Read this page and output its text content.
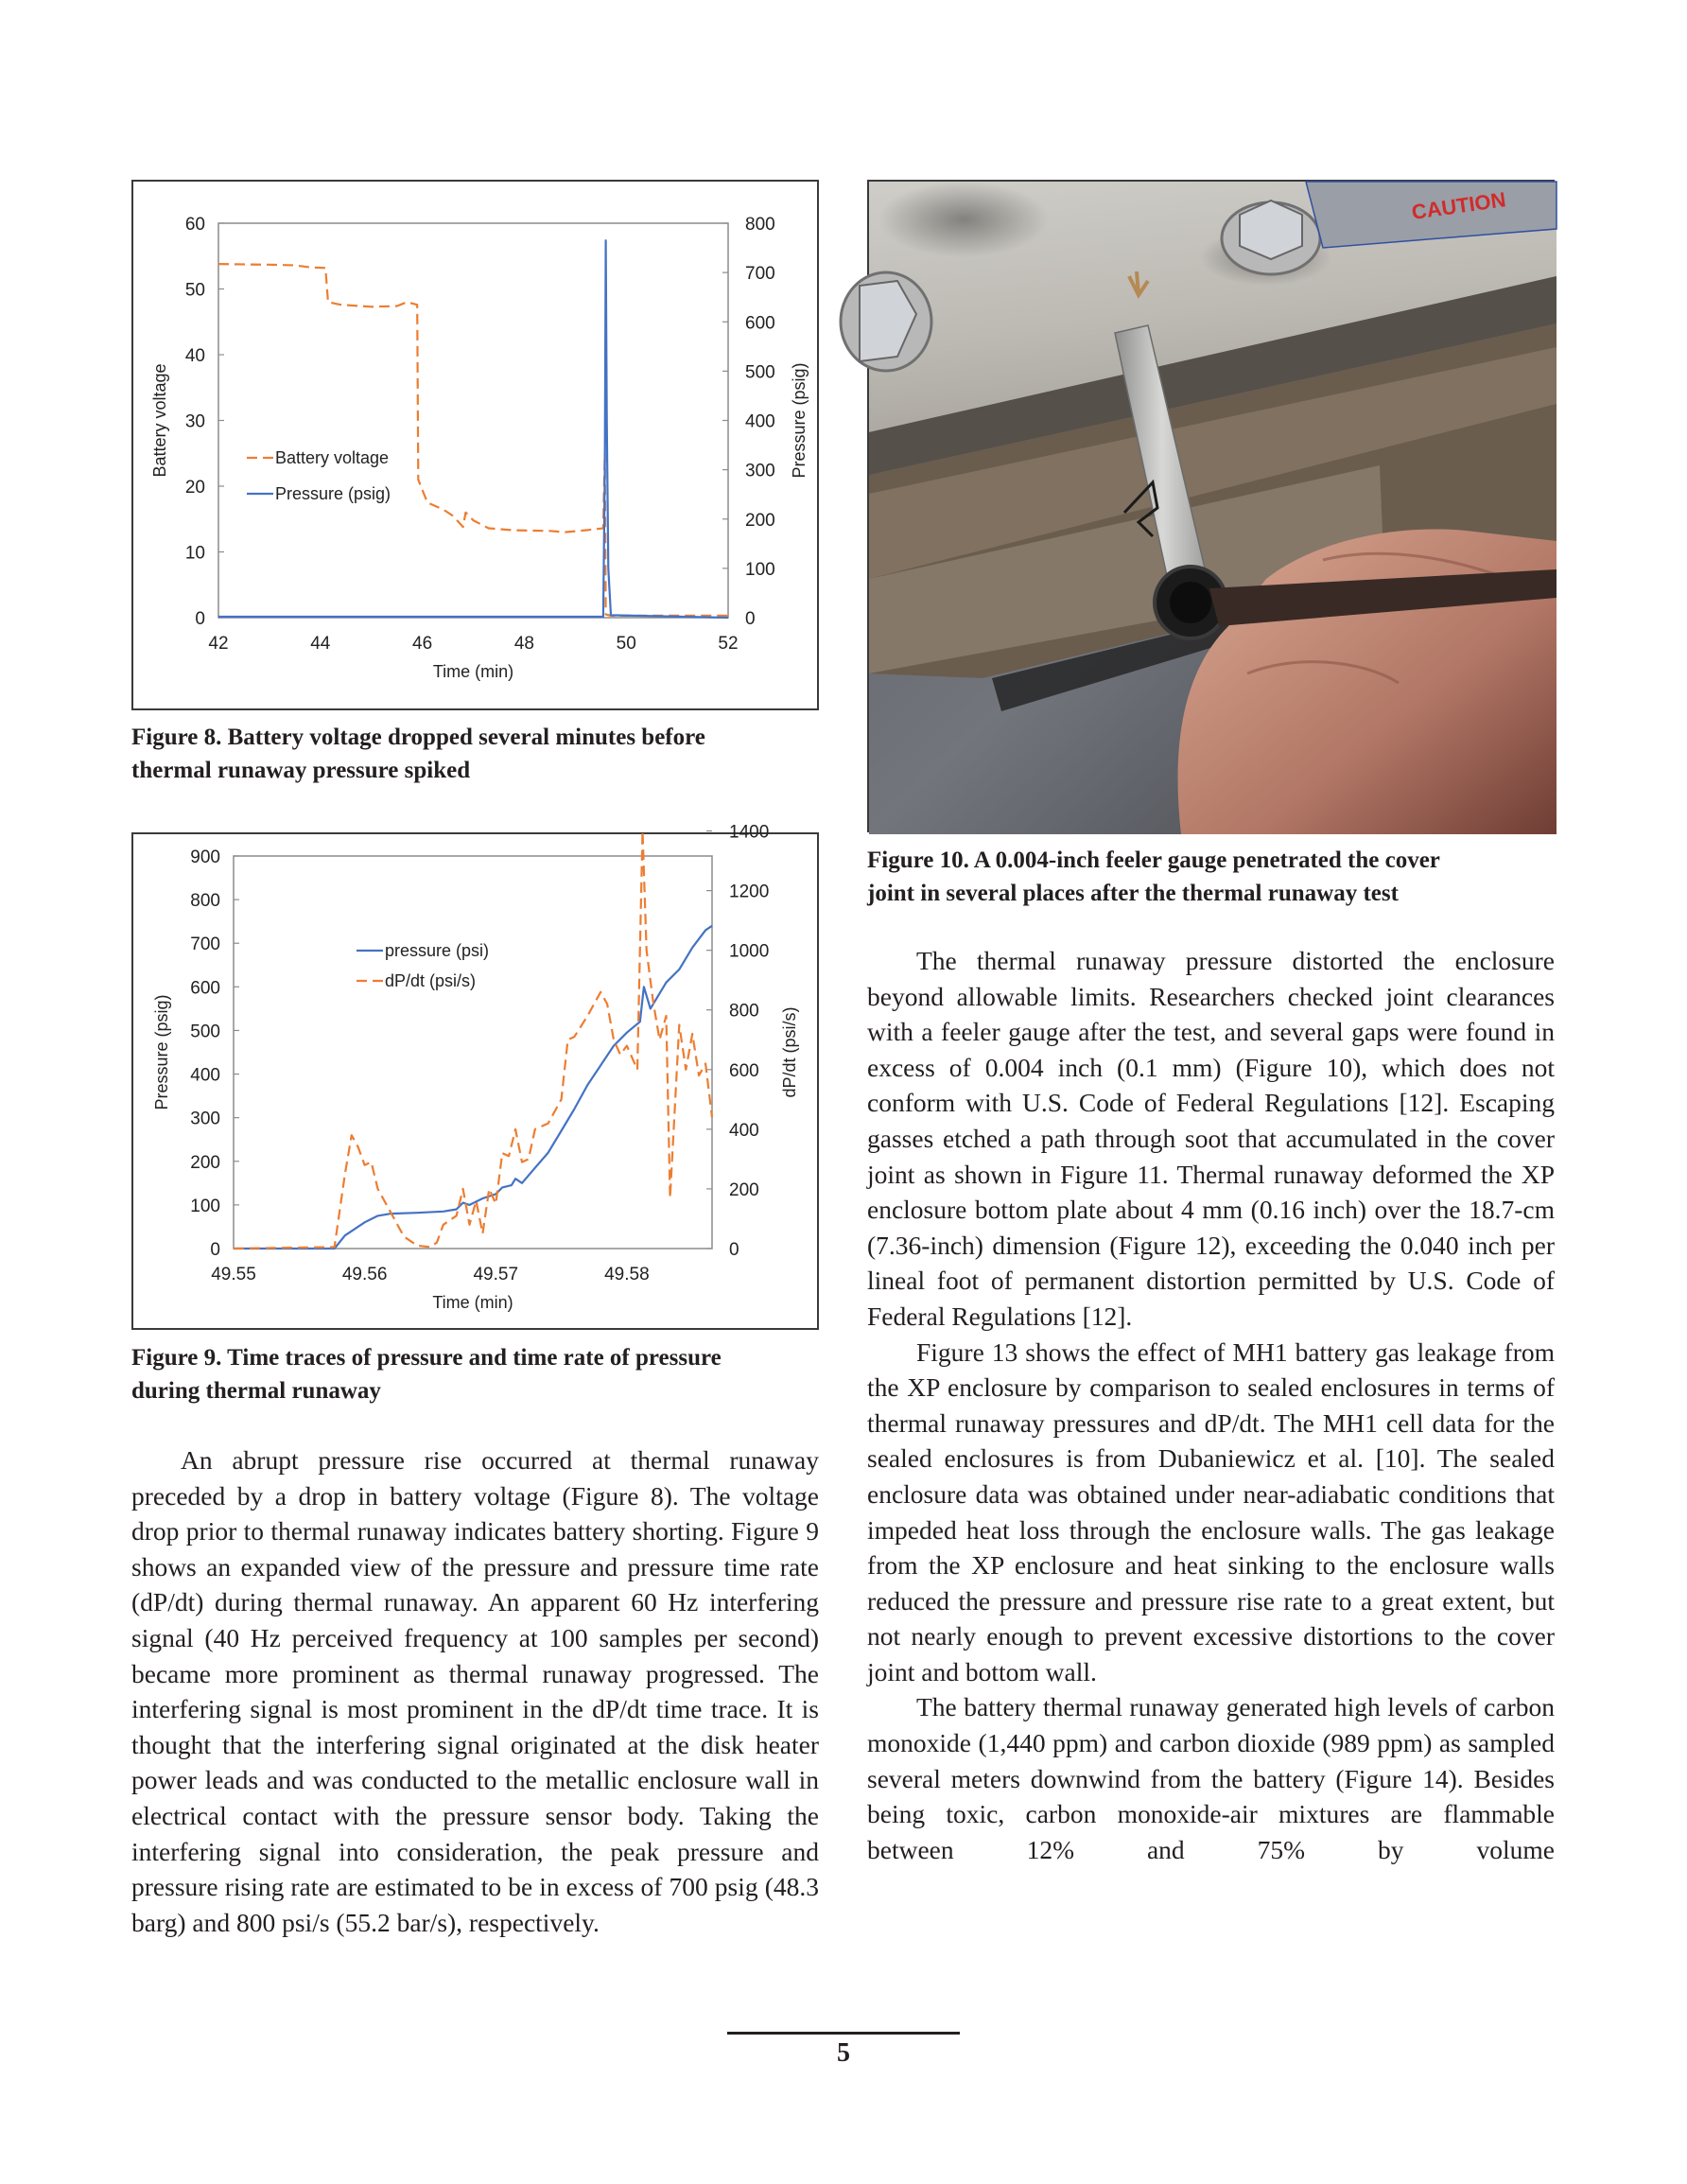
0
10
20
30
40
50
60
0
100
200
300
400
500
600
700
800
42	44	46	48	50	52
Time (min)
Battery voltage	Pressure (psig)
Battery voltage
Pressure (psig)
Figure 8. Battery voltage dropped several minutes before
thermal runaway pressure spiked
0
100
200
300
400
500
600
700
800
900
0
200
400
600
800
1000
1200
1400
49.55	49.56	49.57	49.58
Time (min)
Pressure (psig)	dP/dt (psi/s)
pressure (psi)
dP/dt (psi/s)
Figure 9. Time traces of pressure and time rate of pressure
during thermal runaway

An abrupt pressure rise occurred at thermal runaway preceded by a drop in battery voltage (Figure 8). The voltage drop prior to thermal runaway indicates battery shorting. Figure 9 shows an expanded view of the pressure and pressure time rate (dP/dt) during thermal runaway. An apparent 60 Hz interfering signal (40 Hz perceived frequency at 100 samples per second) became more prominent as thermal runaway progressed. The interfering signal is most prominent in the dP/dt time trace. It is thought that the interfering signal originated at the disk heater power leads and was conducted to the metallic enclosure wall in electrical contact with the pressure sensor body. Taking the interfering signal into consideration, the peak pressure and pressure rising rate are estimated to be in excess of 700 psig (48.3 barg) and 800 psi/s (55.2 bar/s), respectively.

CAUTION
Figure 10. A 0.004-inch feeler gauge penetrated the cover
joint in several places after the thermal runaway test

The thermal runaway pressure distorted the enclosure beyond allowable limits. Researchers checked joint clearances with a feeler gauge after the test, and several gaps were found in excess of 0.004 inch (0.1 mm) (Figure 10), which does not conform with U.S. Code of Federal Regulations [12]. Escaping gasses etched a path through soot that accumulated in the cover joint as shown in Figure 11. Thermal runaway deformed the XP enclosure bottom plate about 4 mm (0.16 inch) over the 18.7-cm (7.36-inch) dimension (Figure 12), exceeding the 0.040 inch per lineal foot of permanent distortion permitted by U.S. Code of Federal Regulations [12].

Figure 13 shows the effect of MH1 battery gas leakage from the XP enclosure by comparison to sealed enclosures in terms of thermal runaway pressures and dP/dt. The MH1 cell data for the sealed enclosures is from Dubaniewicz et al. [10]. The sealed enclosure data was obtained under near-adiabatic conditions that impeded heat loss through the enclosure walls. The gas leakage from the XP enclosure and heat sinking to the enclosure walls reduced the pressure and pressure rise rate to a great extent, but not nearly enough to prevent excessive distortions to the cover joint and bottom wall.

The battery thermal runaway generated high levels of carbon monoxide (1,440 ppm) and carbon dioxide (989 ppm) as sampled several meters downwind from the battery (Figure 14). Besides being toxic, carbon monoxide-air mixtures are flammable between 12% and 75% by volume

5
